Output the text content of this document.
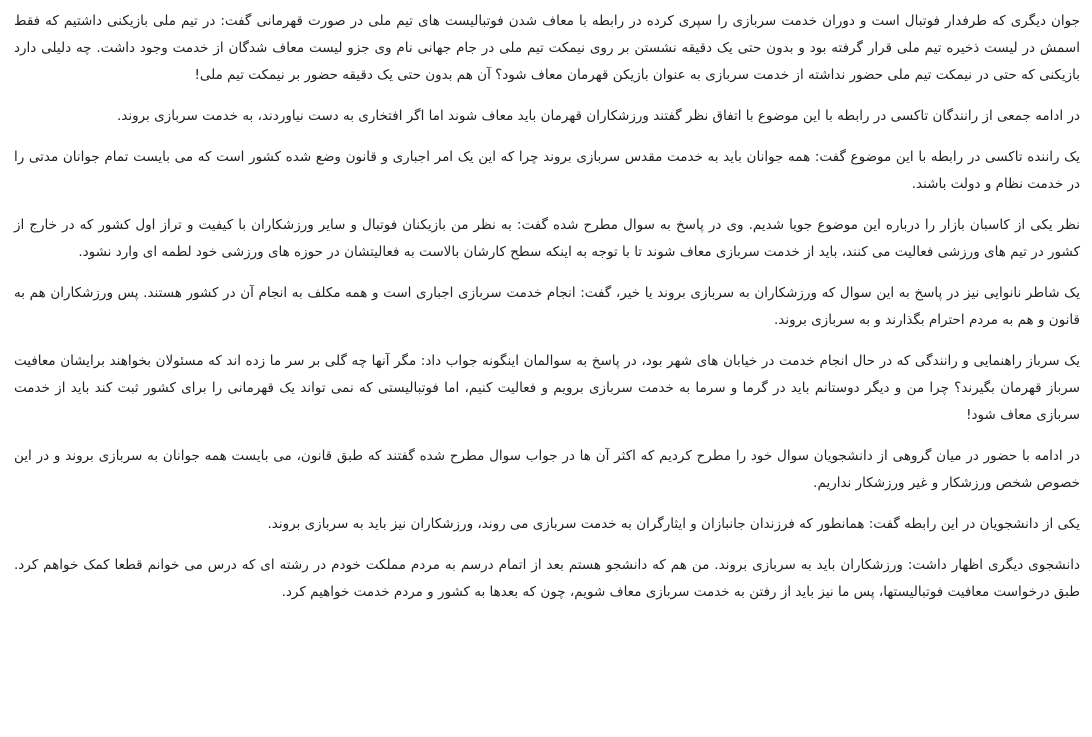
جوان دیگری که طرفدار فوتبال است و دوران خدمت سربازی را سپری کرده در رابطه با معاف شدن فوتبالیست های تیم ملی در صورت قهرمانی گفت: در تیم ملی بازیکنی داشتیم که فقط اسمش در لیست ذخیره تیم ملی قرار گرفته بود و بدون حتی یک دقیقه نشستن بر روی نیمکت تیم ملی در جام جهانی نام وی جزو لیست معاف شدگان از خدمت وجود داشت. چه دلیلی دارد بازیکنی که حتی در نیمکت تیم ملی حضور نداشته از خدمت سربازی به عنوان بازیکن قهرمان معاف شود؟ آن هم بدون حتی یک دقیقه حضور بر نیمکت تیم ملی!

در ادامه جمعی از رانندگان تاکسی در رابطه با این موضوع با اتفاق نظر گفتند ورزشکاران قهرمان باید معاف شوند اما اگر افتخاری به دست نیاوردند، به خدمت سربازی بروند.

یک راننده تاکسی در رابطه با این موضوع گفت: همه جوانان باید به خدمت مقدس سربازی بروند چرا که این یک امر اجباری و قانون وضع شده کشور است که می بایست تمام جوانان مدتی را در خدمت نظام و دولت باشند.

نظر یکی از کاسبان بازار را درباره این موضوع جویا شدیم. وی در پاسخ به سوال مطرح شده گفت: به نظر من بازیکنان فوتبال و سایر ورزشکاران با کیفیت و تراز اول کشور که در خارج از کشور در تیم های ورزشی فعالیت می کنند، باید از خدمت سربازی معاف شوند تا با توجه به اینکه سطح کارشان بالاست به فعالیتشان در حوزه های ورزشی خود لطمه ای وارد نشود.

یک شاطر نانوایی نیز در پاسخ به این سوال که ورزشکاران به سربازی بروند یا خیر، گفت: انجام خدمت سربازی اجباری است و همه مکلف به انجام آن در کشور هستند. پس ورزشکاران هم به قانون و هم به مردم احترام بگذارند و به سربازی بروند.

یک سرباز راهنمایی و رانندگی که در حال انجام خدمت در خیابان های شهر بود، در پاسخ به سوالمان اینگونه جواب داد: مگر آنها چه گلی بر سر ما زده اند که مسئولان بخواهند برایشان معافیت سرباز قهرمان بگیرند؟ چرا من و دیگر دوستانم باید در گرما و سرما به خدمت سربازی برویم و فعالیت کنیم، اما فوتبالیستی که نمی تواند یک قهرمانی را برای کشور ثبت کند باید از خدمت سربازی معاف شود!

در ادامه با حضور در میان گروهی از دانشجویان سوال خود را مطرح کردیم که اکثر آن ها در جواب سوال مطرح شده گفتند که طبق قانون، می بایست همه جوانان به سربازی بروند و در این خصوص شخص ورزشکار و غیر ورزشکار نداریم.

یکی از دانشجویان در این رابطه گفت: همانطور که فرزندان جانبازان و ایثارگران به خدمت سربازی می روند، ورزشکاران نیز باید به سربازی بروند.

دانشجوی دیگری اظهار داشت: ورزشکاران باید به سربازی بروند. من هم که دانشجو هستم بعد از اتمام درسم به مردم مملکت خودم در رشته ای که درس می خوانم قطعا کمک خواهم کرد. طبق درخواست معافیت فوتبالیستها، پس ما نیز باید از رفتن به خدمت سربازی معاف شویم، چون که بعدها به کشور و مردم خدمت خواهیم کرد.
